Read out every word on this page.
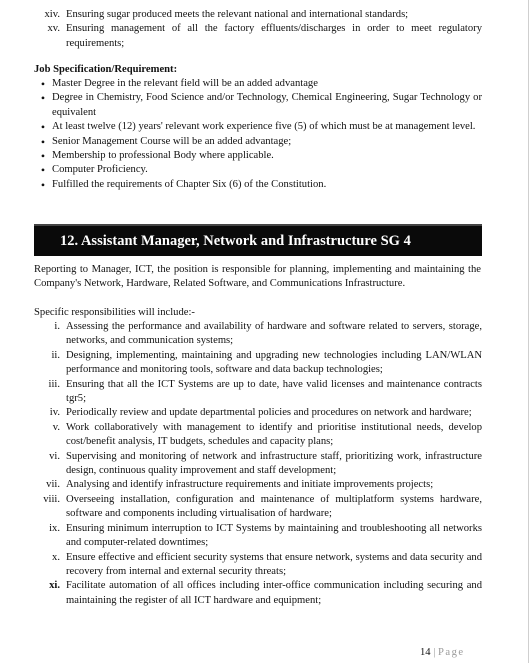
xiv. Ensuring sugar produced meets the relevant national and international standards;
xv. Ensuring management of all the factory effluents/discharges in order to meet regulatory requirements;
Job Specification/Requirement:
• Master Degree in the relevant field will be an added advantage
• Degree in Chemistry, Food Science and/or Technology, Chemical Engineering, Sugar Technology or equivalent
• At least twelve (12) years' relevant work experience five (5) of which must be at management level.
• Senior Management Course will be an added advantage;
• Membership to professional Body where applicable.
• Computer Proficiency.
• Fulfilled the requirements of Chapter Six (6) of the Constitution.
12. Assistant Manager, Network and Infrastructure SG 4
Reporting to Manager, ICT, the position is responsible for planning, implementing and maintaining the Company's Network, Hardware, Related Software, and Communications Infrastructure.
Specific responsibilities will include:-
i. Assessing the performance and availability of hardware and software related to servers, storage, networks, and communication systems;
ii. Designing, implementing, maintaining and upgrading new technologies including LAN/WLAN performance and monitoring tools, software and data backup technologies;
iii. Ensuring that all the ICT Systems are up to date, have valid licenses and maintenance contracts tgr5;
iv. Periodically review and update departmental policies and procedures on network and hardware;
v. Work collaboratively with management to identify and prioritise institutional needs, develop cost/benefit analysis, IT budgets, schedules and capacity plans;
vi. Supervising and monitoring of network and infrastructure staff, prioritizing work, infrastructure design, continuous quality improvement and staff development;
vii. Analysing and identify infrastructure requirements and initiate improvements projects;
viii. Overseeing installation, configuration and maintenance of multiplatform systems hardware, software and components including virtualisation of hardware;
ix. Ensuring minimum interruption to ICT Systems by maintaining and troubleshooting all networks and computer-related downtimes;
x. Ensure effective and efficient security systems that ensure network, systems and data security and recovery from internal and external security threats;
xi. Facilitate automation of all offices including inter-office communication including securing and maintaining the register of all ICT hardware and equipment;
14 | Page
